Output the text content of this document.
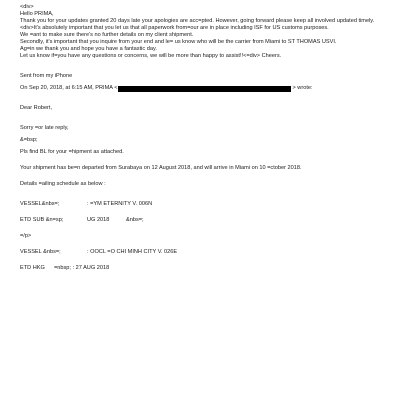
<div>
Hello PRIMA,
Thank you for your updates granted 20 days late your apologies are acc=pted. However, going forward please keep all involved updated timely.
<div>It's absolutely important that you let us that all paperwork from=our are in place including ISF for US customs purposes.
We =ant to make sure there's no further details on my client shipment.
Secondly, it's important that you inquire from your end and le= us know who will be the carrier from Miami to ST THOMAS USVI.
Ag=in we thank you and hope you have a fantastic day.
Let us know if=you have any questions or concerns, we will be more than happy to assist!!<=div> Cheers.
Sent from my iPhone
On Sep 20, 2018, at 6:15 AM, PRIMA <	> wrote:
Dear Robert,
Sorry =or late reply,
&=bsp;
Pls find BL for your =hipment as attached.
Your shipment has be=n departed from Surabaya on 12 August 2018, and will arrive in Miami on 10 =ctober 2018.
Details =ailing schedule as below :
VESSEL&nbs=;	: =YM ETERNITY V. 006N
ETD SUB &n=sp;	UG 2018	&nbs=;
=/p>
VESSEL &nbs=;	: OOCL =O CHI MINH CITY V. 026E
ETD HKG =nbsp; : 27 AUG 2018
